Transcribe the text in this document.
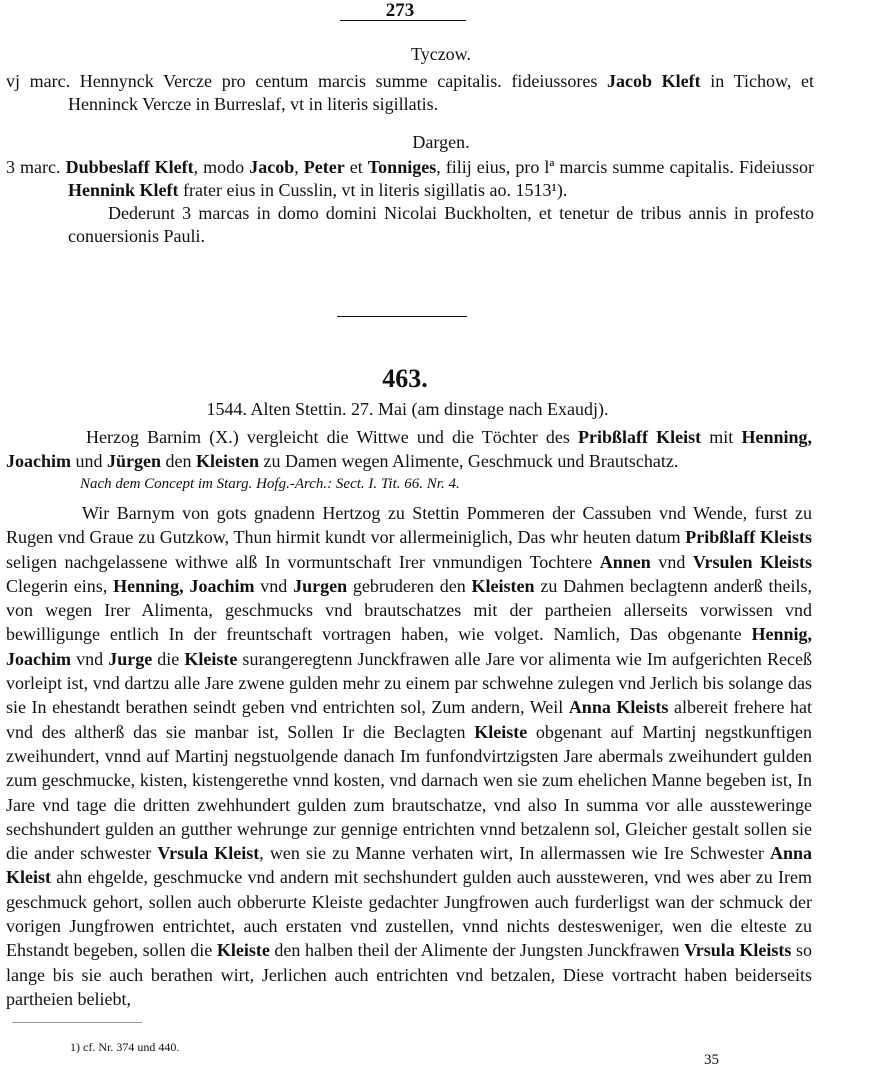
273
Tyczow.
vj marc. Hennynck Vercze pro centum marcis summe capitalis. fideiussores Jacob Kleft in Tichow, et Henninck Vercze in Burreslaf, vt in literis sigillatis.
Dargen.
3 marc. Dubbeslaff Kleft, modo Jacob, Peter et Tonniges, filij eius, pro lª marcis summe capitalis. Fideiussor Hennink Kleft frater eius in Cusslin, vt in literis sigillatis ao. 1513¹).
Dederunt 3 marcas in domo domini Nicolai Buckholten, et tenetur de tribus annis in profesto conuersionis Pauli.
463.
1544. Alten Stettin. 27. Mai (am dinstage nach Exaudj).
Herzog Barnim (X.) vergleicht die Wittwe und die Töchter des Pribßlaff Kleist mit Henning, Joachim und Jürgen den Kleisten zu Damen wegen Alimente, Geschmuck und Brautschatz.
Nach dem Concept im Starg. Hofg.-Arch.: Sect. I. Tit. 66. Nr. 4.
Wir Barnym von gots gnadenn Hertzog zu Stettin Pommeren der Cassuben vnd Wende, furst zu Rugen vnd Graue zu Gutzkow, Thun hirmit kundt vor allermeiniglich, Das whr heuten datum Pribßlaff Kleists seligen nachgelassene withwe alß In vormuntschaft Irer vnmundigen Tochtere Annen vnd Vrsulen Kleists Clegerin eins, Henning, Joachim vnd Jurgen gebruderen den Kleisten zu Dahmen beclagtenn anderß theils, von wegen Irer Alimenta, geschmucks vnd brautschatzes mit der partheien allerseits vorwissen vnd bewilligunge entlich In der freuntschaft vortragen haben, wie volget. Namlich, Das obgenante Hennig, Joachim vnd Jurge die Kleiste surangeregtenn Junckfrawen alle Jare vor alimenta wie Im aufgerichten Receß vorleipt ist, vnd dartzu alle Jare zwene gulden mehr zu einem par schwehne zulegen vnd Jerlich bis solange das sie In ehestandt berathen seindt geben vnd entrichten sol, Zum andern, Weil Anna Kleists albereit frehere hat vnd des altherß das sie manbar ist, Sollen Ir die Beclagten Kleiste obgenant auf Martinj negstkunftigen zweihundert, vnnd auf Martinj negstuolgende danach Im funfondvirtzigsten Jare abermals zweihundert gulden zum geschmucke, kisten, kistengerethe vnnd kosten, vnd darnach wen sie zum ehelichen Manne begeben ist, In Jare vnd tage die dritten zwehhundert gulden zum brautschatze, vnd also In summa vor alle aussteweringe sechshundert gulden an gutther wehrunge zur gennige entrichten vnnd betzalenn sol, Gleicher gestalt sollen sie die ander schwester Vrsula Kleist, wen sie zu Manne verhaten wirt, In allermassen wie Ire Schwester Anna Kleist ahn ehgelde, geschmucke vnd andern mit sechshundert gulden auch aussteweren, vnd wes aber zu Irem geschmuck gehort, sollen auch obberurte Kleiste gedachter Jungfrowen auch furderligst wan der schmuck der vorigen Jungfrowen entrichtet, auch erstaten vnd zustellen, vnnd nichts destesweniger, wen die elteste zu Ehstandt begeben, sollen die Kleiste den halben theil der Alimente der Jungsten Junckfrawen Vrsula Kleists so lange bis sie auch berathen wirt, Jerlichen auch entrichten vnd betzalen, Diese vortracht haben beiderseits partheien beliebt,
1) cf. Nr. 374 und 440.
35
